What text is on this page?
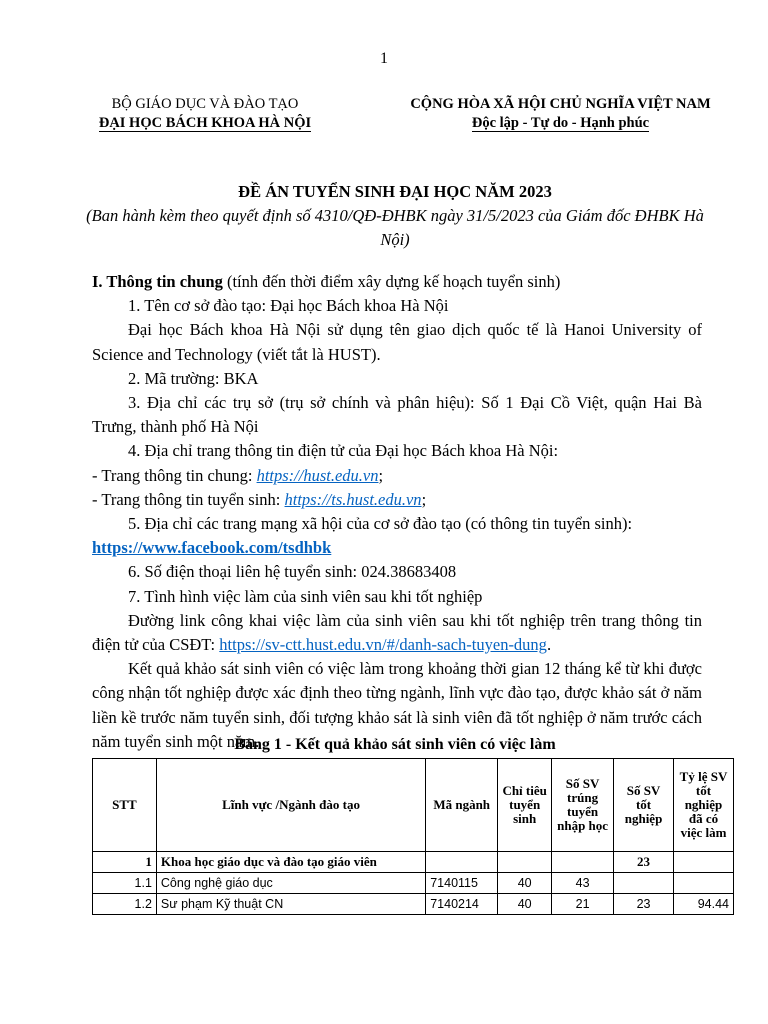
1
BỘ GIÁO DỤC VÀ ĐÀO TẠO
ĐẠI HỌC BÁCH KHOA HÀ NỘI
CỘNG HÒA XÃ HỘI CHỦ NGHĨA VIỆT NAM
Độc lập - Tự do - Hạnh phúc
ĐỀ ÁN TUYỂN SINH ĐẠI HỌC NĂM 2023
(Ban hành kèm theo quyết định số 4310/QĐ-ĐHBK ngày 31/5/2023 của Giám đốc ĐHBK Hà Nội)

I. Thông tin chung (tính đến thời điểm xây dựng kế hoạch tuyển sinh)

1. Tên cơ sở đào tạo: Đại học Bách khoa Hà Nội

Đại học Bách khoa Hà Nội sử dụng tên giao dịch quốc tế là Hanoi University of Science and Technology (viết tắt là HUST).

2. Mã trường: BKA

3. Địa chỉ các trụ sở (trụ sở chính và phân hiệu): Số 1 Đại Cồ Việt, quận Hai Bà Trưng, thành phố Hà Nội

4. Địa chỉ trang thông tin điện tử của Đại học Bách khoa Hà Nội:

- Trang thông tin chung: https://hust.edu.vn;

- Trang thông tin tuyển sinh: https://ts.hust.edu.vn;

5. Địa chỉ các trang mạng xã hội của cơ sở đào tạo (có thông tin tuyển sinh):

https://www.facebook.com/tsdhbk

6. Số điện thoại liên hệ tuyển sinh: 024.38683408

7. Tình hình việc làm của sinh viên sau khi tốt nghiệp

Đường link công khai việc làm của sinh viên sau khi tốt nghiệp trên trang thông tin điện tử của CSĐT: https://sv-ctt.hust.edu.vn/#/danh-sach-tuyen-dung.

Kết quả khảo sát sinh viên có việc làm trong khoảng thời gian 12 tháng kể từ khi được công nhận tốt nghiệp được xác định theo từng ngành, lĩnh vực đào tạo, được khảo sát ở năm liền kề trước năm tuyển sinh, đối tượng khảo sát là sinh viên đã tốt nghiệp ở năm trước cách năm tuyển sinh một năm.

Bảng 1 - Kết quả khảo sát sinh viên có việc làm
STT	Lĩnh vực /Ngành đào tạo	Mã ngành	Chỉ tiêu tuyển sinh	Số SV trúng tuyển nhập học	Số SV tốt nghiệp	Tỷ lệ SV tốt nghiệp đã có việc làm
1	Khoa học giáo dục và đào tạo giáo viên				23	
1.1	Công nghệ giáo dục	7140115	40	43		
1.2	Sư phạm Kỹ thuật CN	7140214	40	21	23	94.44
